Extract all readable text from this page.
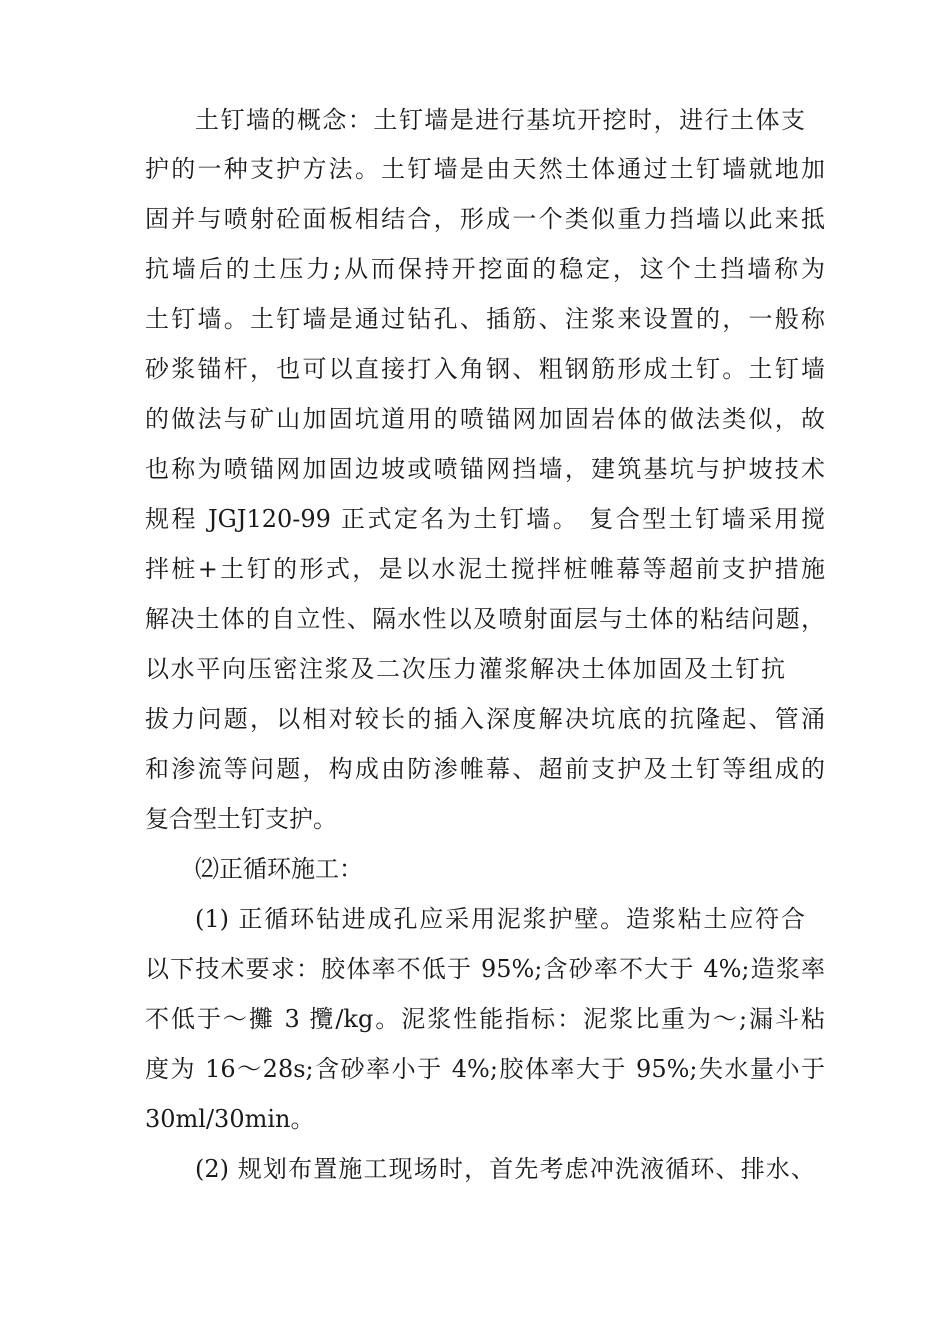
土钉墙的概念：土钉墙是进行基坑开挖时，进行土体支
护的一种支护方法。土钉墙是由天然土体通过土钉墙就地加
固并与喷射砼面板相结合，形成一个类似重力挡墙以此来抵
抗墙后的土压力;从而保持开挖面的稳定，这个土挡墙称为
土钉墙。土钉墙是通过钻孔、插筋、注浆来设置的，一般称
砂浆锚杆，也可以直接打入角钢、粗钢筋形成土钉。土钉墙
的做法与矿山加固坑道用的喷锚网加固岩体的做法类似，故
也称为喷锚网加固边坡或喷锚网挡墙，建筑基坑与护坡技术
规程 JGJ120-99 正式定名为土钉墙。 复合型土钉墙采用搅
拌桩+土钉的形式，是以水泥土搅拌桩帷幕等超前支护措施
解决土体的自立性、隔水性以及喷射面层与土体的粘结问题，
以水平向压密注浆及二次压力灌浆解决土体加固及土钉抗
拔力问题，以相对较长的插入深度解决坑底的抗隆起、管涌
和渗流等问题，构成由防渗帷幕、超前支护及土钉等组成的
复合型土钉支护。
⑵正循环施工：
(1) 正循环钻进成孔应采用泥浆护壁。造浆粘土应符合
以下技术要求：胶体率不低于 95%;含砂率不大于 4%;造浆率
不低于～攤 3 攬/kg。泥浆性能指标：泥浆比重为～;漏斗粘
度为 16～28s;含砂率小于 4%;胶体率大于 95%;失水量小于
30ml/30min。
(2) 规划布置施工现场时，首先考虑冲洗液循环、排水、
